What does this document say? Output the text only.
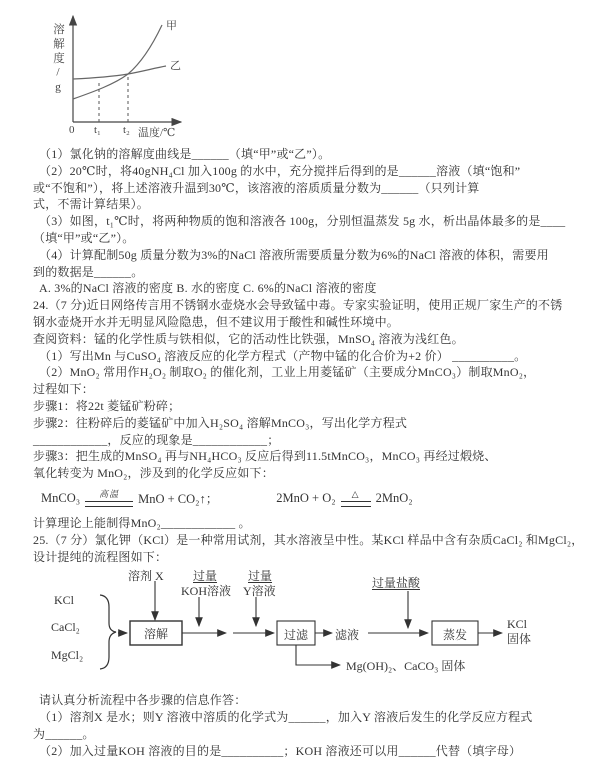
溶解度/g	甲
乙
0 t₁ t₂ 温度/℃
（1）氯化钠的溶解度曲线是______（填“甲”或“乙”）。
（2）20℃时，将40gNH₄Cl 加入100g 的水中，充分搅拌后得到的是______溶液（填“饱和”
或“不饱和”），将上述溶液升温到30℃，该溶液的溶质质量分数为______（只列计算
式，不需计算结果）。
（3）如图，t₁℃时，将两种物质的饱和溶液各 100g，分别恒温蒸发 5g 水，析出晶体最多的是____
（填“甲”或“乙”）。
（4）计算配制50g 质量分数为3%的NaCl 溶液所需要质量分数为6%的NaCl 溶液的体积，需要用
到的数据是______。
A. 3%的NaCl 溶液的密度 B. 水的密度 C. 6%的NaCl 溶液的密度
24.（7 分)近日网络传言用不锈钢水壶烧水会导致锰中毒。专家实验证明，使用正规厂家生产的不锈
钢水壶烧开水并无明显风险隐患，但不建议用于酸性和碱性环境中。
查阅资料：锰的化学性质与铁相似，它的活动性比铁强，MnSO₄ 溶液为浅红色。
（1）写出Mn 与CuSO₄ 溶液反应的化学方程式（产物中锰的化合价为+2 价） __________。
（2）MnO₂ 常用作H₂O₂ 制取O₂ 的催化剂，工业上用菱锰矿（主要成分MnCO₃）制取MnO₂，
过程如下：
步骤1：将22t 菱锰矿粉碎；
步骤2：往粉碎后的菱锰矿中加入H₂SO₄ 溶解MnCO₃，写出化学方程式
____________，反应的现象是____________；
步骤3：把生成的MnSO₄ 再与NH₄HCO₃ 反应后得到11.5tMnCO₃，MnCO₃ 再经过煅烧、
氧化转变为 MnO₂，涉及到的化学反应如下：
MnCO₃ 高温 MnO + CO₂↑；	2MnO + O₂ △ 2MnO₂
计算理论上能制得MnO₂____________ 。
25.（7 分）氯化钾（KCl）是一种常用试剂，其水溶液呈中性。某KCl 样品中含有杂质CaCl₂ 和MgCl₂，
设计提纯的流程图如下：
溶剂 X 过量
KOH溶液
过量
Y溶液
过量盐酸
KCl
CaCl₂
MgCl₂
溶解	过滤	蒸发
滤液
Mg(OH)₂、CaCO₃ 固体
KCl
固体
请认真分析流程中各步骤的信息作答：
（1）溶剂X 是水；则Y 溶液中溶质的化学式为______，加入Y 溶液后发生的化学反应方程式
为______。
（2）加入过量KOH 溶液的目的是__________；KOH 溶液还可以用______代替（填字母）
